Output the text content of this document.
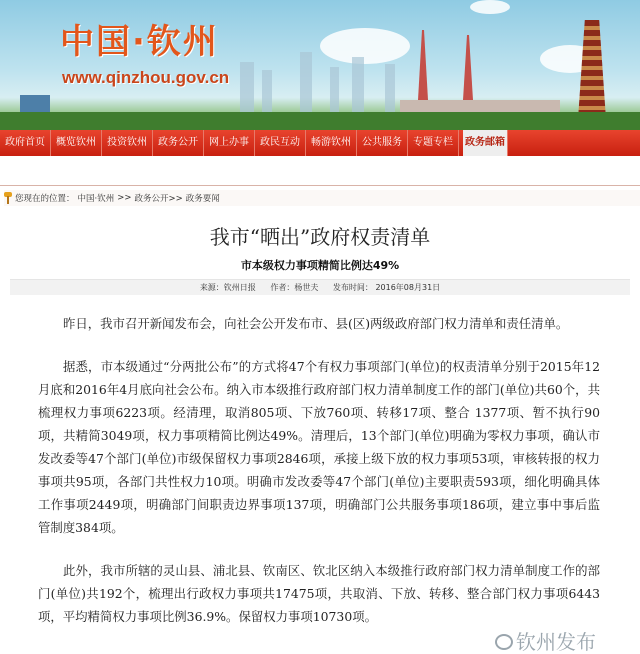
中国·钦州
www.qinzhou.gov.cn
政府首页	概览钦州	投资钦州	政务公开	网上办事	政民互动	畅游钦州	公共服务	专题专栏	政务邮箱
您现在的位置： 中国·钦州 >> 政务公开>> 政务要闻
我市“晒出”政府权责清单
市本级权力事项精简比例达49%
来源：钦州日报 作者：杨世夫 发布时间： 2016年08月31日

昨日，我市召开新闻发布会，向社会公开发布市、县(区)两级政府部门权力清单和责任清单。

据悉，市本级通过“分两批公布”的方式将47个有权力事项部门(单位)的权责清单分别于2015年12月底和2016年4月底向社会公布。纳入市本级推行政府部门权力清单制度工作的部门(单位)共60个，共梳理权力事项6223项。经清理，取消805项、下放760项、转移17项、整合 1377项、暂不执行90项，共精简3049项，权力事项精简比例达49%。清理后，13个部门(单位)明确为零权力事项，确认市发改委等47个部门(单位)市级保留权力事项2846项，承接上级下放的权力事项53项，审核转报的权力事项共95项，各部门共性权力10项。明确市发改委等47个部门(单位)主要职责593项，细化明确具体工作事项2449项，明确部门间职责边界事项137项，明确部门公共服务事项186项，建立事中事后监管制度384项。

此外，我市所辖的灵山县、浦北县、钦南区、钦北区纳入本级推行政府部门权力清单制度工作的部门(单位)共192个，梳理出行政权力事项共17475项，共取消、下放、转移、整合部门权力事项6443项，平均精简权力事项比例36.9%。保留权力事项10730项。

钦州发布
